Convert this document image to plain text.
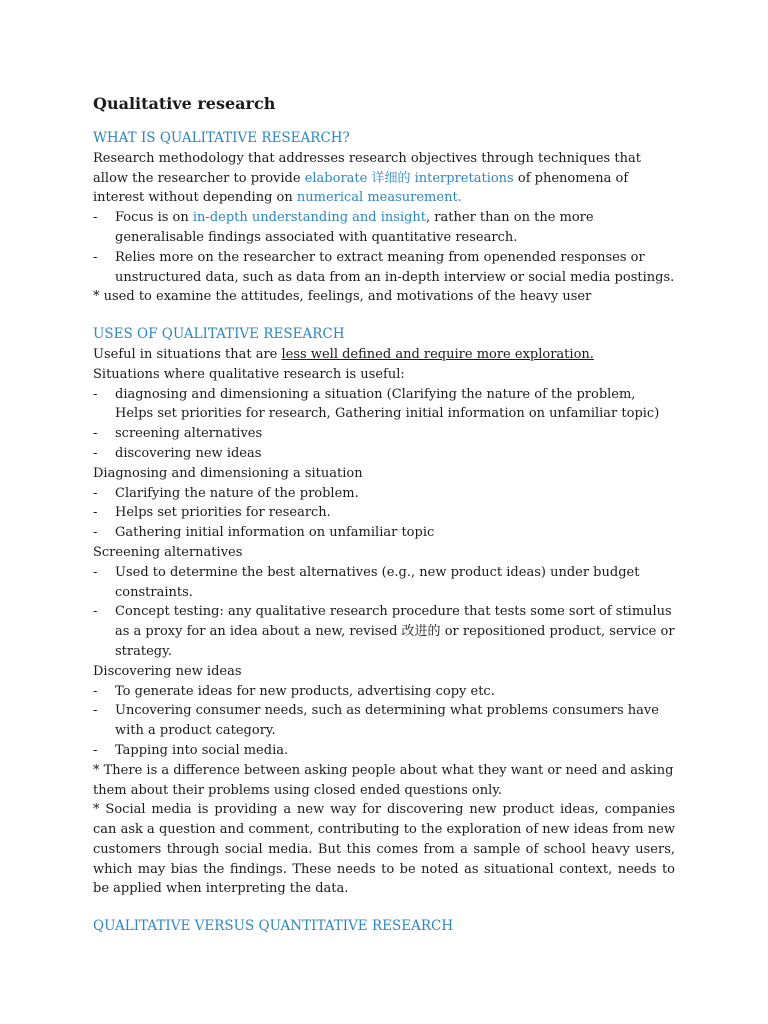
Qualitative research
WHAT IS QUALITATIVE RESEARCH?

Research methodology that addresses research objectives through techniques that allow the researcher to provide elaborate 详细的 interpretations of phenomena of interest without depending on numerical measurement.

-	Focus is on in-depth understanding and insight, rather than on the more generalisable findings associated with quantitative research.
-	Relies more on the researcher to extract meaning from openended responses or unstructured data, such as data from an in-depth interview or social media postings.

* used to examine the attitudes, feelings, and motivations of the heavy user

USES OF QUALITATIVE RESEARCH

Useful in situations that are less well defined and require more exploration.

Situations where qualitative research is useful:

-	diagnosing and dimensioning a situation (Clarifying the nature of the problem, Helps set priorities for research, Gathering initial information on unfamiliar topic)
-	screening alternatives
-	discovering new ideas

Diagnosing and dimensioning a situation

-	Clarifying the nature of the problem.
-	Helps set priorities for research.
-	Gathering initial information on unfamiliar topic

Screening alternatives

-	Used to determine the best alternatives (e.g., new product ideas) under budget constraints.
-	Concept testing: any qualitative research procedure that tests some sort of stimulus as a proxy for an idea about a new, revised 改进的 or repositioned product, service or strategy.

Discovering new ideas

-	To generate ideas for new products, advertising copy etc.
-	Uncovering consumer needs, such as determining what problems consumers have with a product category.
-	Tapping into social media.

* There is a difference between asking people about what they want or need and asking them about their problems using closed ended questions only.

* Social media is providing a new way for discovering new product ideas, companies can ask a question and comment, contributing to the exploration of new ideas from new customers through social media. But this comes from a sample of school heavy users, which may bias the findings. These needs to be noted as situational context, needs to be applied when interpreting the data.

QUALITATIVE VERSUS QUANTITATIVE RESEARCH
